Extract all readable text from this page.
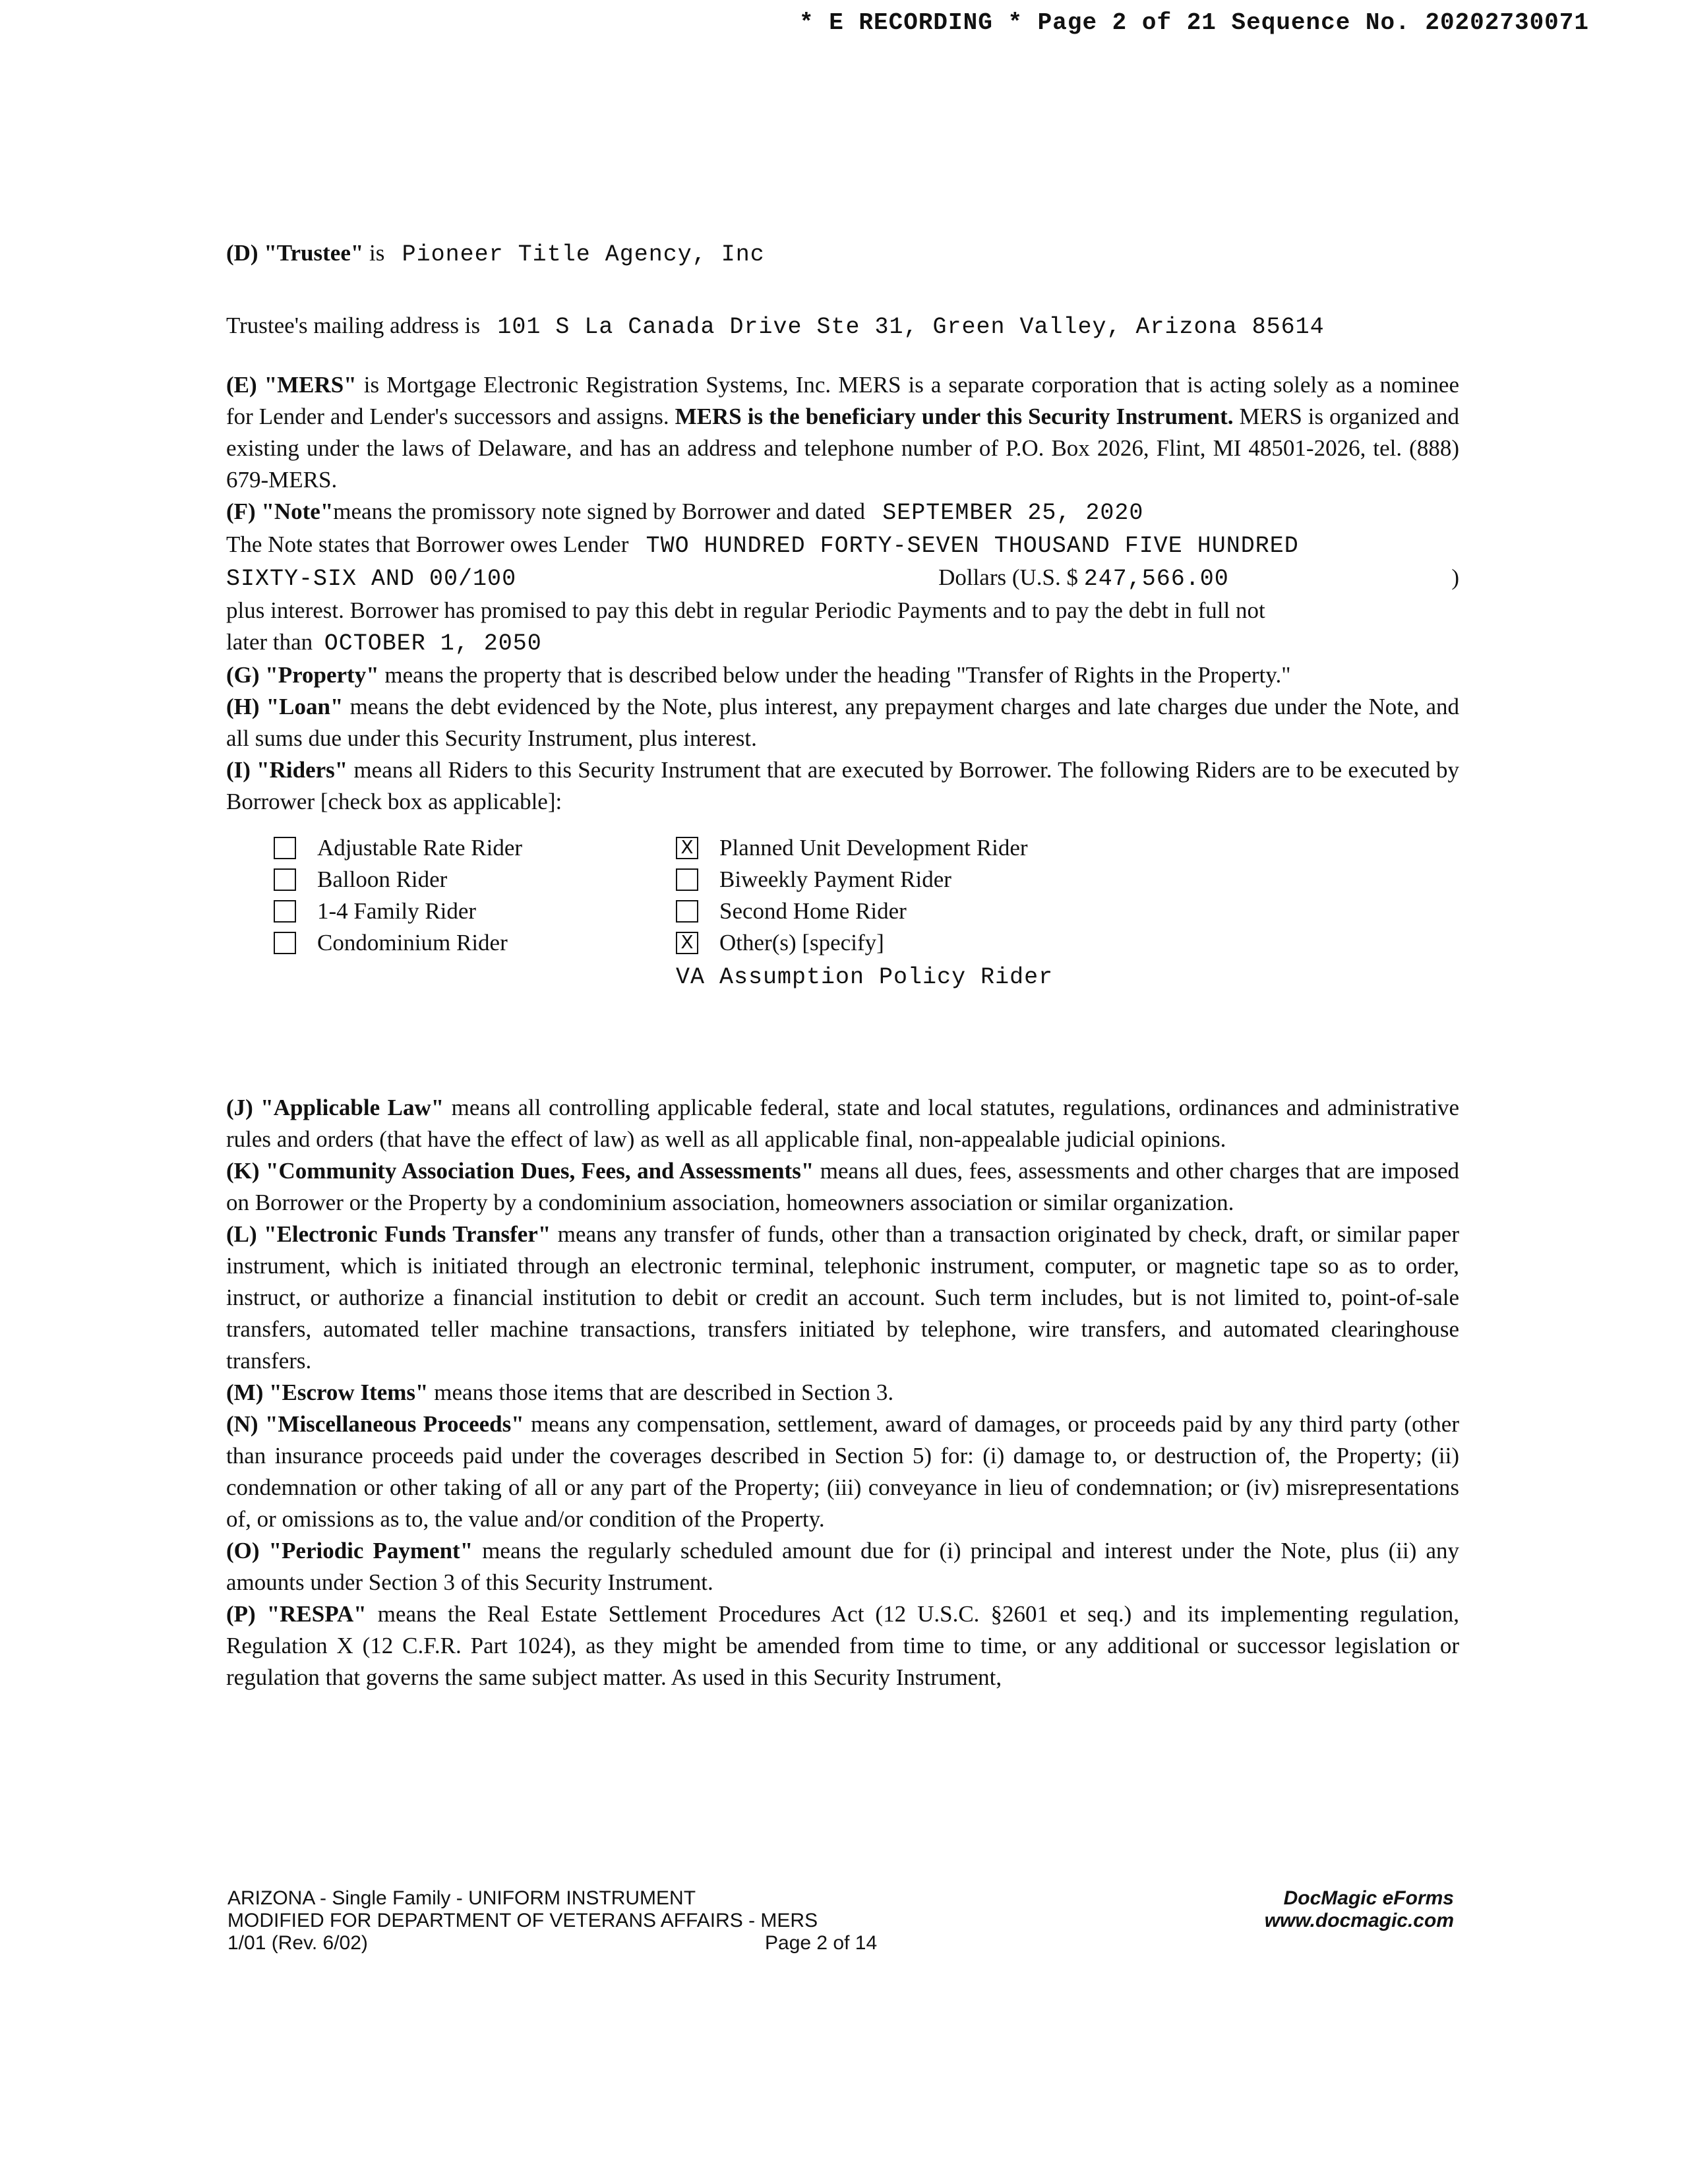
* E RECORDING * Page 2 of 21 Sequence No. 20202730071
(D) "Trustee"
is
Pioneer Title Agency, Inc
Trustee's mailing address is
101 S La Canada Drive Ste 31, Green Valley, Arizona 85614

(E) "MERS" is Mortgage Electronic Registration Systems, Inc. MERS is a separate corporation that is acting solely as a nominee for Lender and Lender's successors and assigns. MERS is the beneficiary under this Security Instrument. MERS is organized and existing under the laws of Delaware, and has an address and telephone number of P.O. Box 2026, Flint, MI 48501-2026, tel. (888) 679-MERS.

(F) "Note" means the promissory note signed by Borrower and dated
SEPTEMBER 25, 2020
The Note states that Borrower owes Lender
TWO HUNDRED FORTY-SEVEN THOUSAND FIVE HUNDRED
SIXTY-SIX AND 00/100	Dollars (U.S. $
247,566.00	)

plus interest. Borrower has promised to pay this debt in regular Periodic Payments and to pay the debt in full not

later than
OCTOBER 1, 2050

(G) "Property" means the property that is described below under the heading "Transfer of Rights in the Property."

(H) "Loan" means the debt evidenced by the Note, plus interest, any prepayment charges and late charges due under the Note, and all sums due under this Security Instrument, plus interest.

(I) "Riders" means all Riders to this Security Instrument that are executed by Borrower. The following Riders are to be executed by Borrower [check box as applicable]:

Adjustable Rate Rider	X Planned Unit Development Rider
Balloon Rider	Biweekly Payment Rider
1-4 Family Rider	Second Home Rider
Condominium Rider	X Other(s) [specify]
VA Assumption Policy Rider

(J) "Applicable Law" means all controlling applicable federal, state and local statutes, regulations, ordinances and administrative rules and orders (that have the effect of law) as well as all applicable final, non-appealable judicial opinions.

(K) "Community Association Dues, Fees, and Assessments" means all dues, fees, assessments and other charges that are imposed on Borrower or the Property by a condominium association, homeowners association or similar organization.

(L) "Electronic Funds Transfer" means any transfer of funds, other than a transaction originated by check, draft, or similar paper instrument, which is initiated through an electronic terminal, telephonic instrument, computer, or magnetic tape so as to order, instruct, or authorize a financial institution to debit or credit an account. Such term includes, but is not limited to, point-of-sale transfers, automated teller machine transactions, transfers initiated by telephone, wire transfers, and automated clearinghouse transfers.

(M) "Escrow Items" means those items that are described in Section 3.

(N) "Miscellaneous Proceeds" means any compensation, settlement, award of damages, or proceeds paid by any third party (other than insurance proceeds paid under the coverages described in Section 5) for: (i) damage to, or destruction of, the Property; (ii) condemnation or other taking of all or any part of the Property; (iii) conveyance in lieu of condemnation; or (iv) misrepresentations of, or omissions as to, the value and/or condition of the Property.

(O) "Periodic Payment" means the regularly scheduled amount due for (i) principal and interest under the Note, plus (ii) any amounts under Section 3 of this Security Instrument.

(P) "RESPA" means the Real Estate Settlement Procedures Act (12 U.S.C. §2601 et seq.) and its implementing regulation, Regulation X (12 C.F.R. Part 1024), as they might be amended from time to time, or any additional or successor legislation or regulation that governs the same subject matter. As used in this Security Instrument,

ARIZONA - Single Family - UNIFORM INSTRUMENT
MODIFIED FOR DEPARTMENT OF VETERANS AFFAIRS - MERS
1/01 (Rev. 6/02)	Page 2 of 14
DocMagic eForms
www.docmagic.com
